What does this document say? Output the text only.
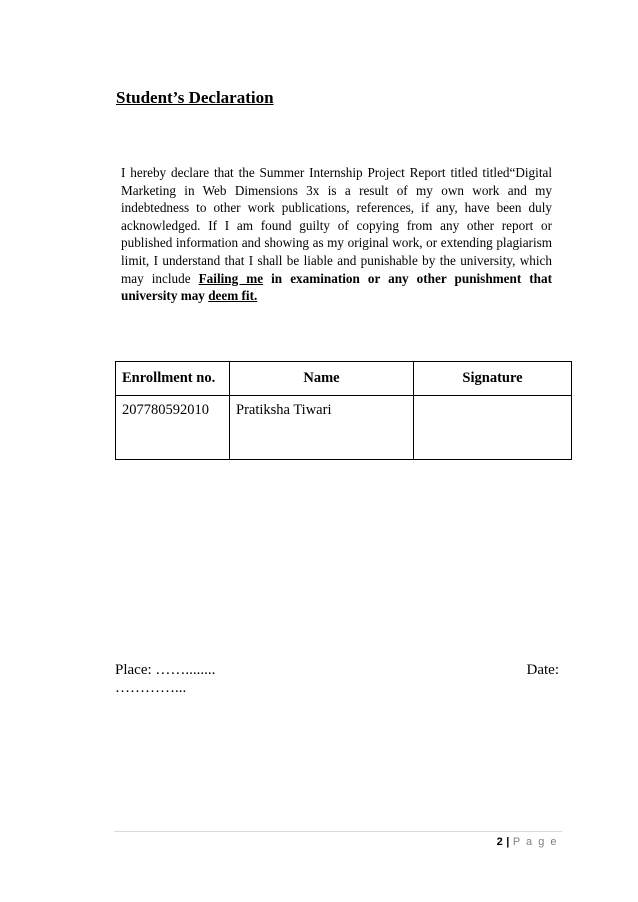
Student’s Declaration

I hereby declare that the Summer Internship Project Report titled titled“Digital Marketing in Web Dimensions 3x is a result of my own work and my indebtedness to other work publications, references, if any, have been duly acknowledged. If I am found guilty of copying from any other report or published information and showing as my original work, or extending plagiarism limit, I understand that I shall be liable and punishable by the university, which may include Failing me in examination or any other punishment that university may deem fit.

Enrollment no.	Name	Signature
207780592010	Pratiksha Tiwari	

Place: ……........	Date:

…………...

2 | P a g e
